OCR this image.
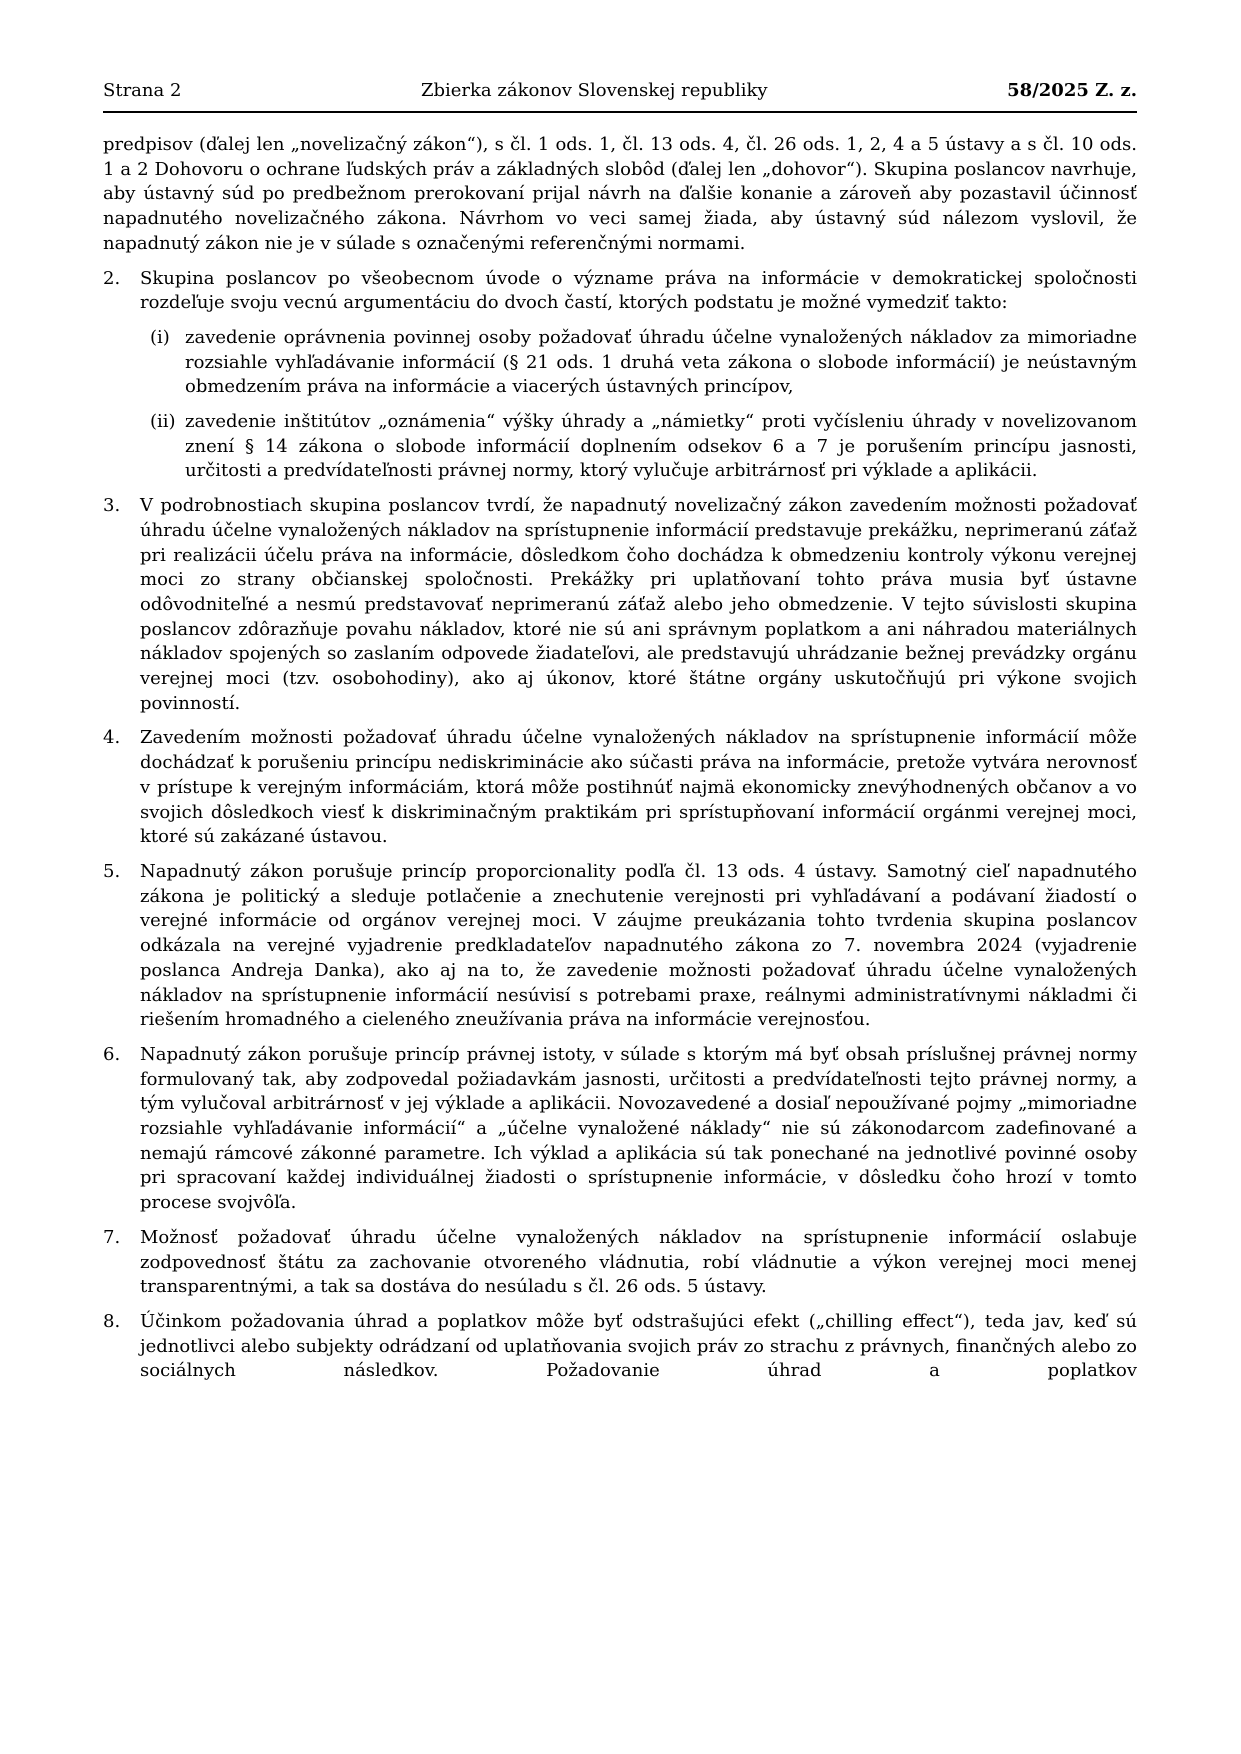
Strana 2	Zbierka zákonov Slovenskej republiky	58/2025 Z. z.

predpisov (ďalej len „novelizačný zákon“), s čl. 1 ods. 1, čl. 13 ods. 4, čl. 26 ods. 1, 2, 4 a 5 ústavy a s čl. 10 ods. 1 a 2 Dohovoru o ochrane ľudských práv a základných slobôd (ďalej len „dohovor“). Skupina poslancov navrhuje, aby ústavný súd po predbežnom prerokovaní prijal návrh na ďalšie konanie a zároveň aby pozastavil účinnosť napadnutého novelizačného zákona. Návrhom vo veci samej žiada, aby ústavný súd nálezom vyslovil, že napadnutý zákon nie je v súlade s označenými referenčnými normami.

2.	Skupina poslancov po všeobecnom úvode o význame práva na informácie v demokratickej spoločnosti rozdeľuje svoju vecnú argumentáciu do dvoch častí, ktorých podstatu je možné vymedziť takto:

(i) zavedenie oprávnenia povinnej osoby požadovať úhradu účelne vynaložených nákladov za mimoriadne rozsiahle vyhľadávanie informácií (§ 21 ods. 1 druhá veta zákona o slobode informácií) je neústavným obmedzením práva na informácie a viacerých ústavných princípov,

(ii) zavedenie inštitútov „oznámenia“ výšky úhrady a „námietky“ proti vyčísleniu úhrady v novelizovanom znení § 14 zákona o slobode informácií doplnením odsekov 6 a 7 je porušením princípu jasnosti, určitosti a predvídateľnosti právnej normy, ktorý vylučuje arbitrárnosť pri výklade a aplikácii.

3.	V podrobnostiach skupina poslancov tvrdí, že napadnutý novelizačný zákon zavedením možnosti požadovať úhradu účelne vynaložených nákladov na sprístupnenie informácií predstavuje prekážku, neprimeranú záťaž pri realizácii účelu práva na informácie, dôsledkom čoho dochádza k obmedzeniu kontroly výkonu verejnej moci zo strany občianskej spoločnosti. Prekážky pri uplatňovaní tohto práva musia byť ústavne odôvodniteľné a nesmú predstavovať neprimeranú záťaž alebo jeho obmedzenie. V tejto súvislosti skupina poslancov zdôrazňuje povahu nákladov, ktoré nie sú ani správnym poplatkom a ani náhradou materiálnych nákladov spojených so zaslaním odpovede žiadateľovi, ale predstavujú uhrádzanie bežnej prevádzky orgánu verejnej moci (tzv. osobohodiny), ako aj úkonov, ktoré štátne orgány uskutočňujú pri výkone svojich povinností.

4.	Zavedením možnosti požadovať úhradu účelne vynaložených nákladov na sprístupnenie informácií môže dochádzať k porušeniu princípu nediskriminácie ako súčasti práva na informácie, pretože vytvára nerovnosť v prístupe k verejným informáciám, ktorá môže postihnúť najmä ekonomicky znevýhodnených občanov a vo svojich dôsledkoch viesť k diskriminačným praktikám pri sprístupňovaní informácií orgánmi verejnej moci, ktoré sú zakázané ústavou.

5.	Napadnutý zákon porušuje princíp proporcionality podľa čl. 13 ods. 4 ústavy. Samotný cieľ napadnutého zákona je politický a sleduje potlačenie a znechutenie verejnosti pri vyhľadávaní a podávaní žiadostí o verejné informácie od orgánov verejnej moci. V záujme preukázania tohto tvrdenia skupina poslancov odkázala na verejné vyjadrenie predkladateľov napadnutého zákona zo 7. novembra 2024 (vyjadrenie poslanca Andreja Danka), ako aj na to, že zavedenie možnosti požadovať úhradu účelne vynaložených nákladov na sprístupnenie informácií nesúvisí s potrebami praxe, reálnymi administratívnymi nákladmi či riešením hromadného a cieleného zneužívania práva na informácie verejnosťou.

6.	Napadnutý zákon porušuje princíp právnej istoty, v súlade s ktorým má byť obsah príslušnej právnej normy formulovaný tak, aby zodpovedal požiadavkám jasnosti, určitosti a predvídateľnosti tejto právnej normy, a tým vylučoval arbitrárnosť v jej výklade a aplikácii. Novozavedené a dosiaľ nepoužívané pojmy „mimoriadne rozsiahle vyhľadávanie informácií“ a „účelne vynaložené náklady“ nie sú zákonodarcom zadefinované a nemajú rámcové zákonné parametre. Ich výklad a aplikácia sú tak ponechané na jednotlivé povinné osoby pri spracovaní každej individuálnej žiadosti o sprístupnenie informácie, v dôsledku čoho hrozí v tomto procese svojvôľa.

7.	Možnosť požadovať úhradu účelne vynaložených nákladov na sprístupnenie informácií oslabuje zodpovednosť štátu za zachovanie otvoreného vládnutia, robí vládnutie a výkon verejnej moci menej transparentnými, a tak sa dostáva do nesúladu s čl. 26 ods. 5 ústavy.

8.	Účinkom požadovania úhrad a poplatkov môže byť odstrašujúci efekt („chilling effect“), teda jav, keď sú jednotlivci alebo subjekty odrádzaní od uplatňovania svojich práv zo strachu z právnych, finančných alebo zo sociálnych následkov. Požadovanie úhrad a poplatkov
